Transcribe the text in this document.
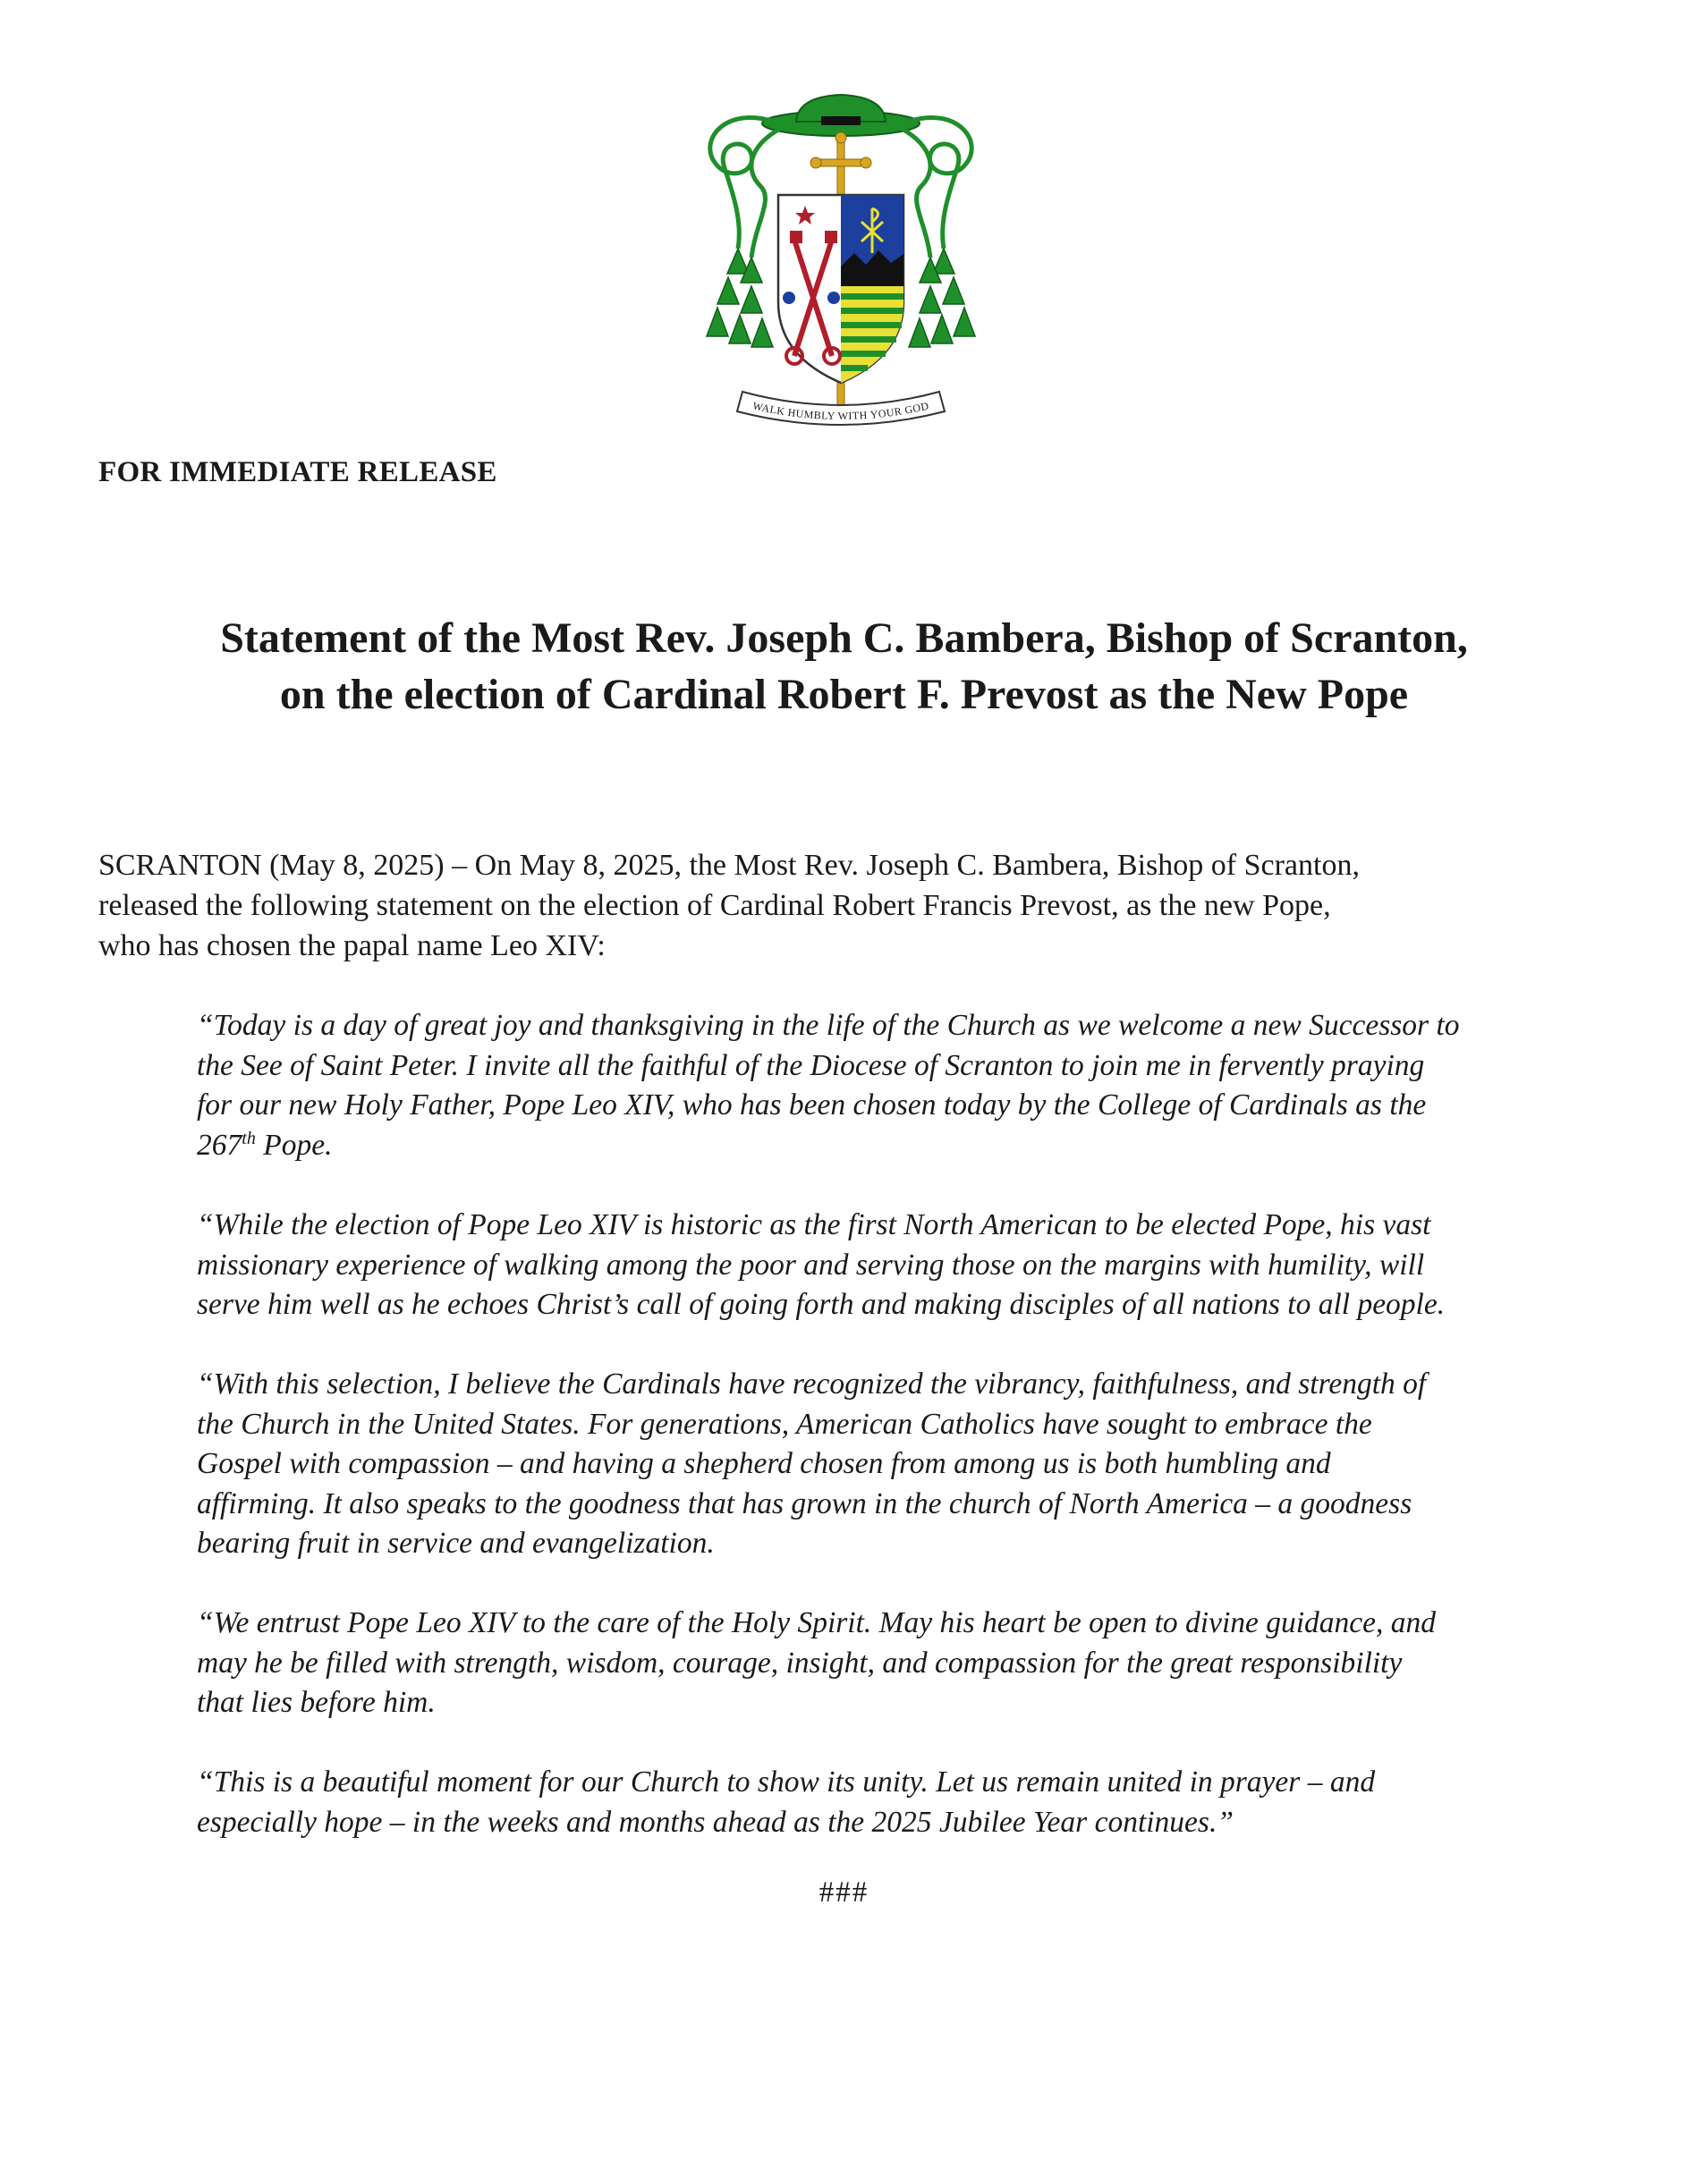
WALK HUMBLY WITH YOUR GOD
FOR IMMEDIATE RELEASE
Statement of the Most Rev. Joseph C. Bambera, Bishop of Scranton,
on the election of Cardinal Robert F. Prevost as the New Pope
SCRANTON (May 8, 2025) – On May 8, 2025, the Most Rev. Joseph C. Bambera, Bishop of Scranton,
released the following statement on the election of Cardinal Robert Francis Prevost, as the new Pope,
who has chosen the papal name Leo XIV:
“Today is a day of great joy and thanksgiving in the life of the Church as we welcome a new Successor to
the See of Saint Peter. I invite all the faithful of the Diocese of Scranton to join me in fervently praying
for our new Holy Father, Pope Leo XIV, who has been chosen today by the College of Cardinals as the
267th Pope.
“While the election of Pope Leo XIV is historic as the first North American to be elected Pope, his vast
missionary experience of walking among the poor and serving those on the margins with humility, will
serve him well as he echoes Christ’s call of going forth and making disciples of all nations to all people.
“With this selection, I believe the Cardinals have recognized the vibrancy, faithfulness, and strength of
the Church in the United States. For generations, American Catholics have sought to embrace the
Gospel with compassion – and having a shepherd chosen from among us is both humbling and
affirming. It also speaks to the goodness that has grown in the church of North America – a goodness
bearing fruit in service and evangelization.
“We entrust Pope Leo XIV to the care of the Holy Spirit. May his heart be open to divine guidance, and
may he be filled with strength, wisdom, courage, insight, and compassion for the great responsibility
that lies before him.
“This is a beautiful moment for our Church to show its unity. Let us remain united in prayer – and
especially hope – in the weeks and months ahead as the 2025 Jubilee Year continues.”
###
